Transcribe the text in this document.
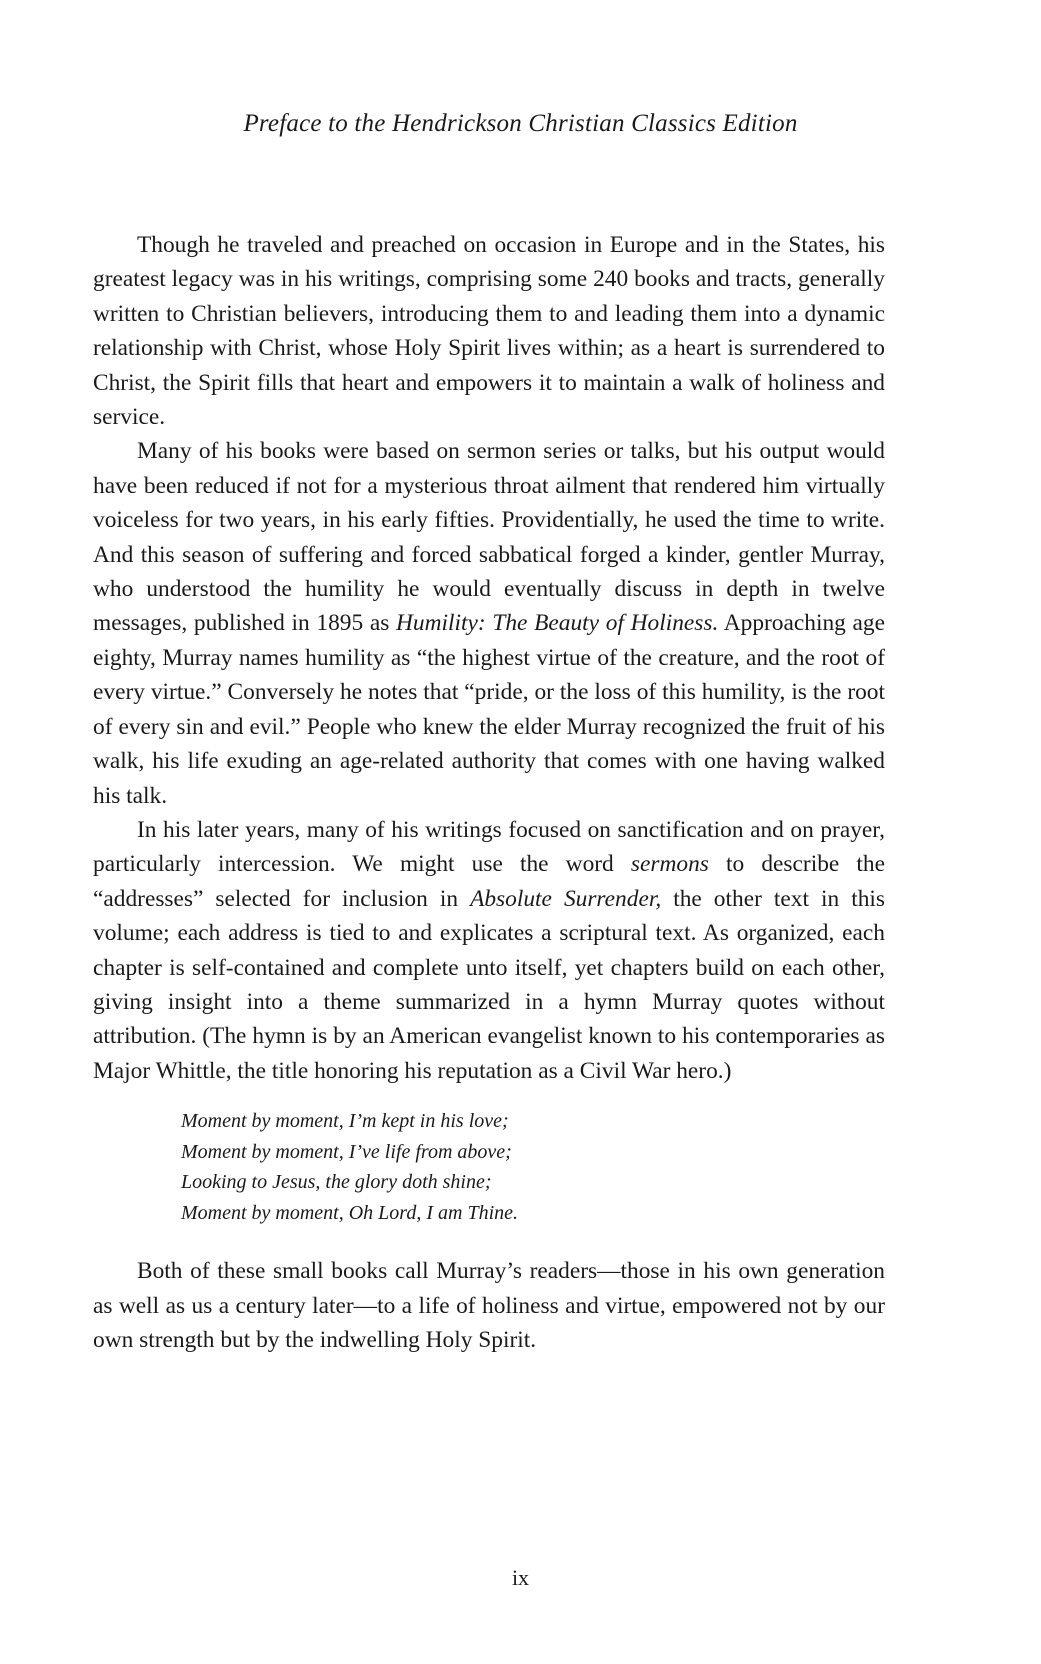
Preface to the Hendrickson Christian Classics Edition

Though he traveled and preached on occasion in Europe and in the States, his greatest legacy was in his writings, comprising some 240 books and tracts, generally written to Christian believers, introducing them to and leading them into a dynamic relationship with Christ, whose Holy Spirit lives within; as a heart is surrendered to Christ, the Spirit fills that heart and empowers it to maintain a walk of holiness and service.

Many of his books were based on sermon series or talks, but his output would have been reduced if not for a mysterious throat ailment that rendered him virtually voiceless for two years, in his early fifties. Providentially, he used the time to write. And this season of suffering and forced sabbatical forged a kinder, gentler Murray, who understood the humility he would eventually discuss in depth in twelve messages, published in 1895 as Humility: The Beauty of Holiness. Approaching age eighty, Murray names humility as “the highest virtue of the creature, and the root of every virtue.” Conversely he notes that “pride, or the loss of this humility, is the root of every sin and evil.” People who knew the elder Murray recognized the fruit of his walk, his life exuding an age-related authority that comes with one having walked his talk.

In his later years, many of his writings focused on sanctification and on prayer, particularly intercession. We might use the word sermons to describe the “addresses” selected for inclusion in Absolute Surrender, the other text in this volume; each address is tied to and explicates a scriptural text. As organized, each chapter is self-contained and complete unto itself, yet chapters build on each other, giving insight into a theme summarized in a hymn Murray quotes without attribution. (The hymn is by an American evangelist known to his contemporaries as Major Whittle, the title honoring his reputation as a Civil War hero.)

Moment by moment, I’m kept in his love;
Moment by moment, I’ve life from above;
Looking to Jesus, the glory doth shine;
Moment by moment, Oh Lord, I am Thine.

Both of these small books call Murray’s readers—those in his own generation as well as us a century later—to a life of holiness and virtue, empowered not by our own strength but by the indwelling Holy Spirit.

ix
